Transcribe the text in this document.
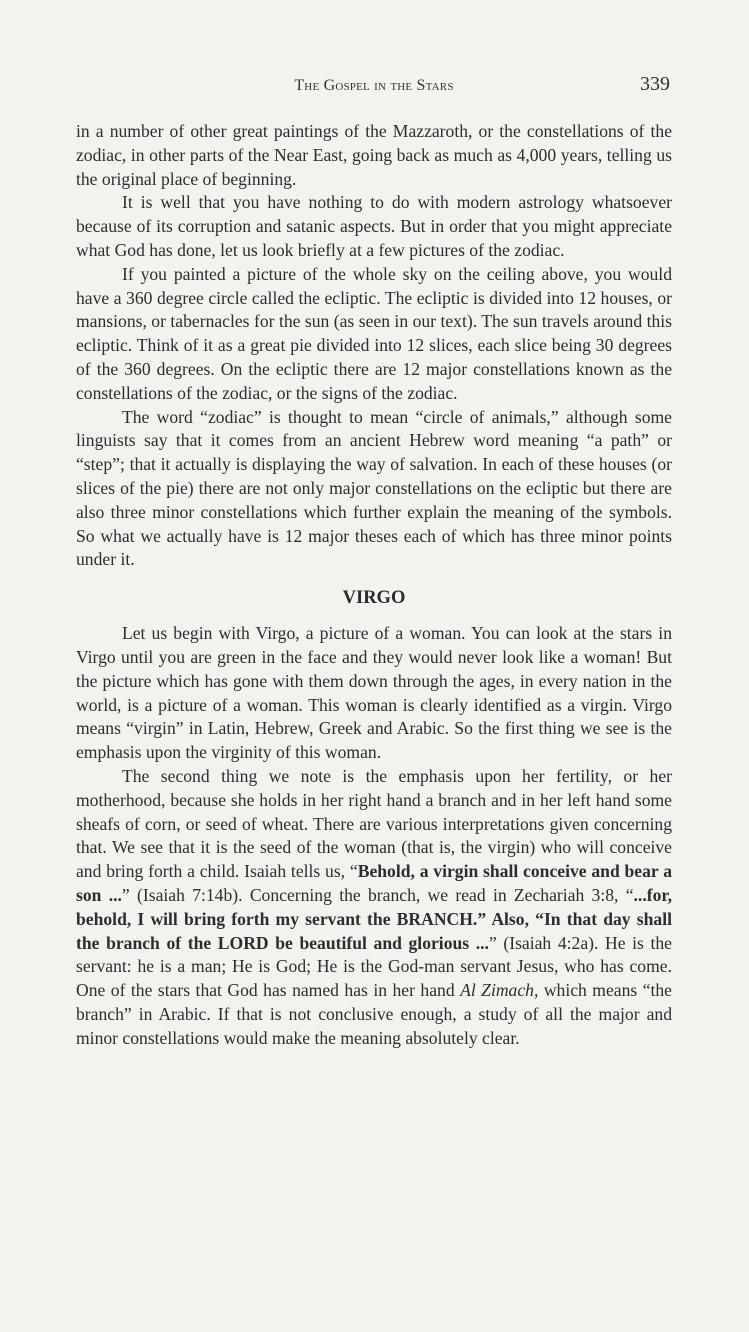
The Gospel in the Stars	339

in a number of other great paintings of the Mazzaroth, or the constellations of the zodiac, in other parts of the Near East, going back as much as 4,000 years, telling us the original place of beginning.

It is well that you have nothing to do with modern astrology whatsoever because of its corruption and satanic aspects. But in order that you might appreciate what God has done, let us look briefly at a few pictures of the zodiac.

If you painted a picture of the whole sky on the ceiling above, you would have a 360 degree circle called the ecliptic. The ecliptic is divided into 12 houses, or mansions, or tabernacles for the sun (as seen in our text). The sun travels around this ecliptic. Think of it as a great pie divided into 12 slices, each slice being 30 degrees of the 360 degrees. On the ecliptic there are 12 major constellations known as the constellations of the zodiac, or the signs of the zodiac.

The word “zodiac” is thought to mean “circle of animals,” although some linguists say that it comes from an ancient Hebrew word meaning “a path” or “step”; that it actually is displaying the way of salvation. In each of these houses (or slices of the pie) there are not only major constellations on the ecliptic but there are also three minor constellations which further explain the meaning of the symbols. So what we actually have is 12 major theses each of which has three minor points under it.

VIRGO

Let us begin with Virgo, a picture of a woman. You can look at the stars in Virgo until you are green in the face and they would never look like a woman! But the picture which has gone with them down through the ages, in every nation in the world, is a picture of a woman. This woman is clearly identified as a virgin. Virgo means “virgin” in Latin, Hebrew, Greek and Arabic. So the first thing we see is the emphasis upon the virginity of this woman.

The second thing we note is the emphasis upon her fertility, or her motherhood, because she holds in her right hand a branch and in her left hand some sheafs of corn, or seed of wheat. There are various interpretations given concerning that. We see that it is the seed of the woman (that is, the virgin) who will conceive and bring forth a child. Isaiah tells us, “Behold, a virgin shall conceive and bear a son ...” (Isaiah 7:14b). Concerning the branch, we read in Zechariah 3:8, “...for, behold, I will bring forth my servant the BRANCH.” Also, “In that day shall the branch of the LORD be beautiful and glorious ...” (Isaiah 4:2a). He is the servant: he is a man; He is God; He is the God-man servant Jesus, who has come. One of the stars that God has named has in her hand Al Zimach, which means “the branch” in Arabic. If that is not conclusive enough, a study of all the major and minor constellations would make the meaning absolutely clear.
